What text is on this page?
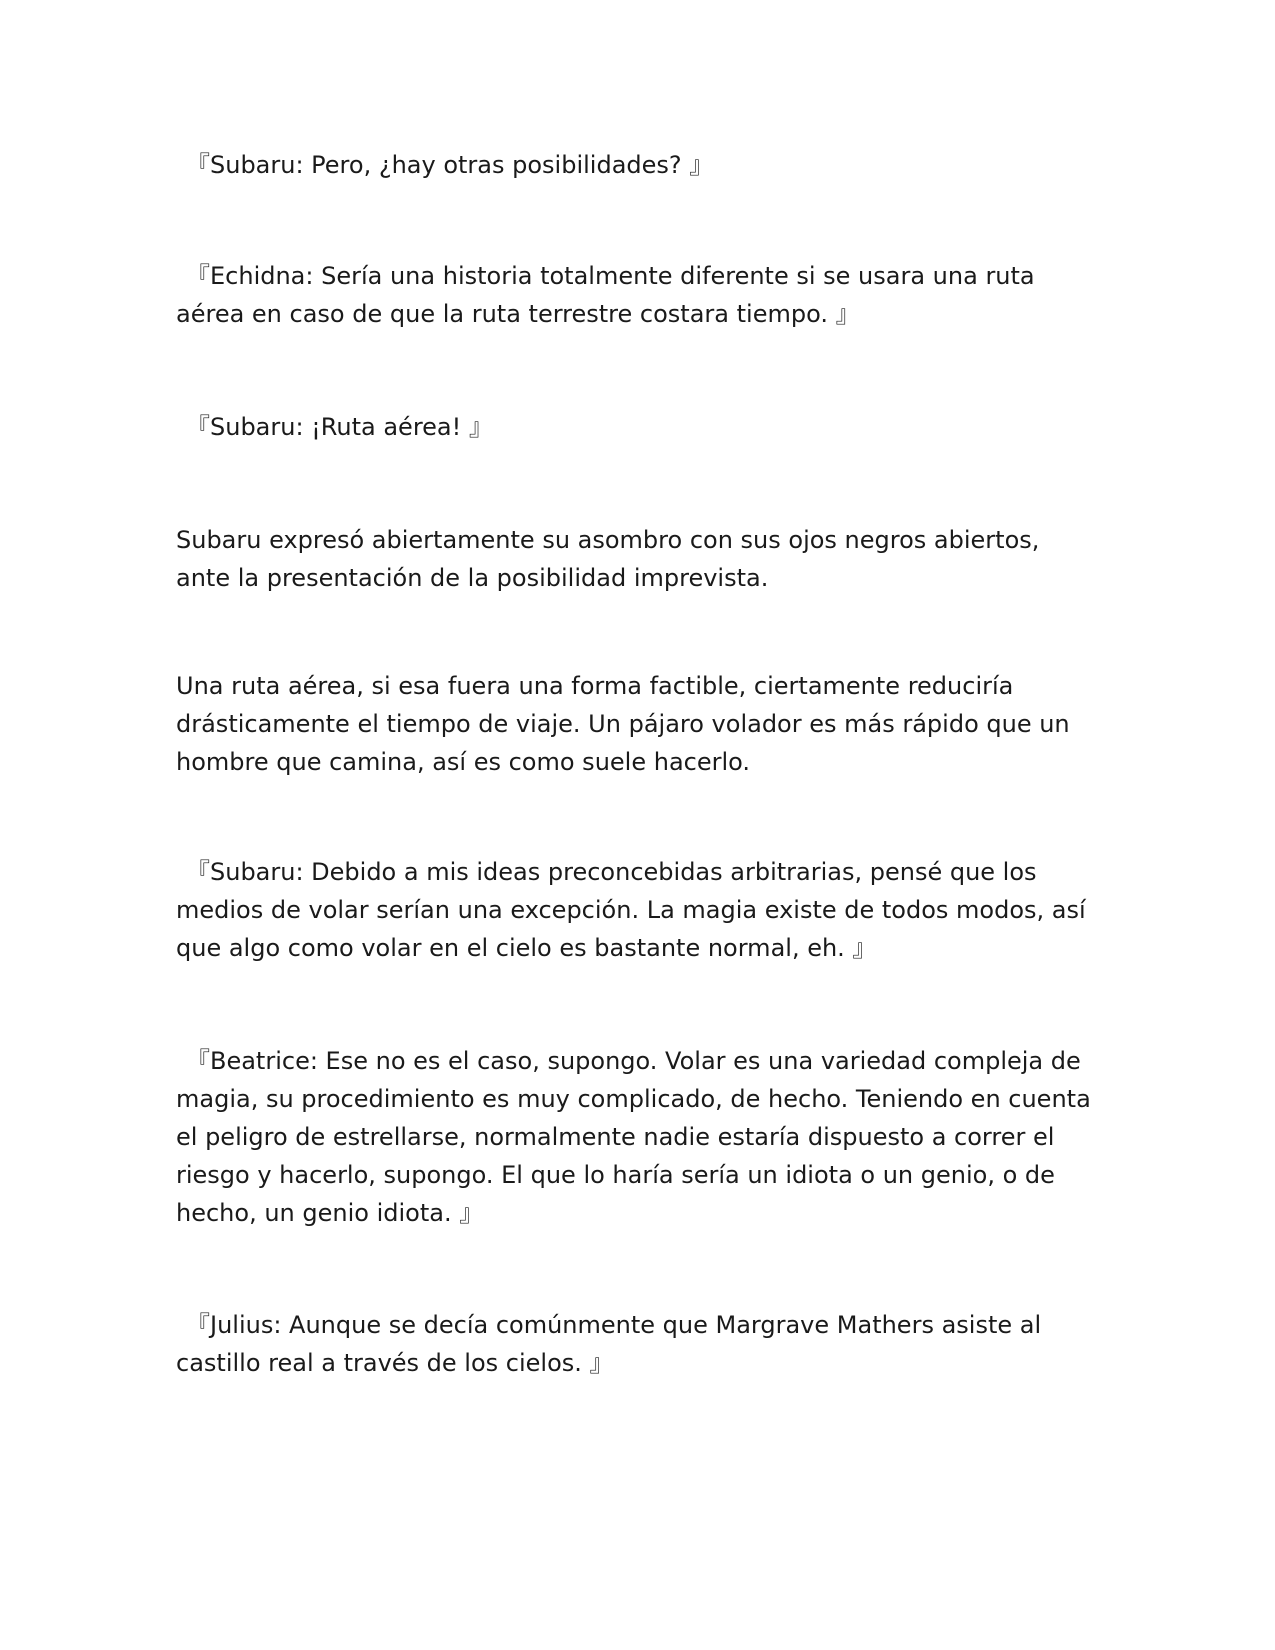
『Subaru: Pero, ¿hay otras posibilidades? 』

『Echidna: Sería una historia totalmente diferente si se usara una ruta aérea en caso de que la ruta terrestre costara tiempo. 』

『Subaru: ¡Ruta aérea! 』

Subaru expresó abiertamente su asombro con sus ojos negros abiertos, ante la presentación de la posibilidad imprevista.

Una ruta aérea, si esa fuera una forma factible, ciertamente reduciría drásticamente el tiempo de viaje. Un pájaro volador es más rápido que un hombre que camina, así es como suele hacerlo.

『Subaru: Debido a mis ideas preconcebidas arbitrarias, pensé que los medios de volar serían una excepción. La magia existe de todos modos, así que algo como volar en el cielo es bastante normal, eh. 』

『Beatrice: Ese no es el caso, supongo. Volar es una variedad compleja de magia, su procedimiento es muy complicado, de hecho. Teniendo en cuenta el peligro de estrellarse, normalmente nadie estaría dispuesto a correr el riesgo y hacerlo, supongo. El que lo haría sería un idiota o un genio, o de hecho, un genio idiota. 』

『Julius: Aunque se decía comúnmente que Margrave Mathers asiste al castillo real a través de los cielos. 』
